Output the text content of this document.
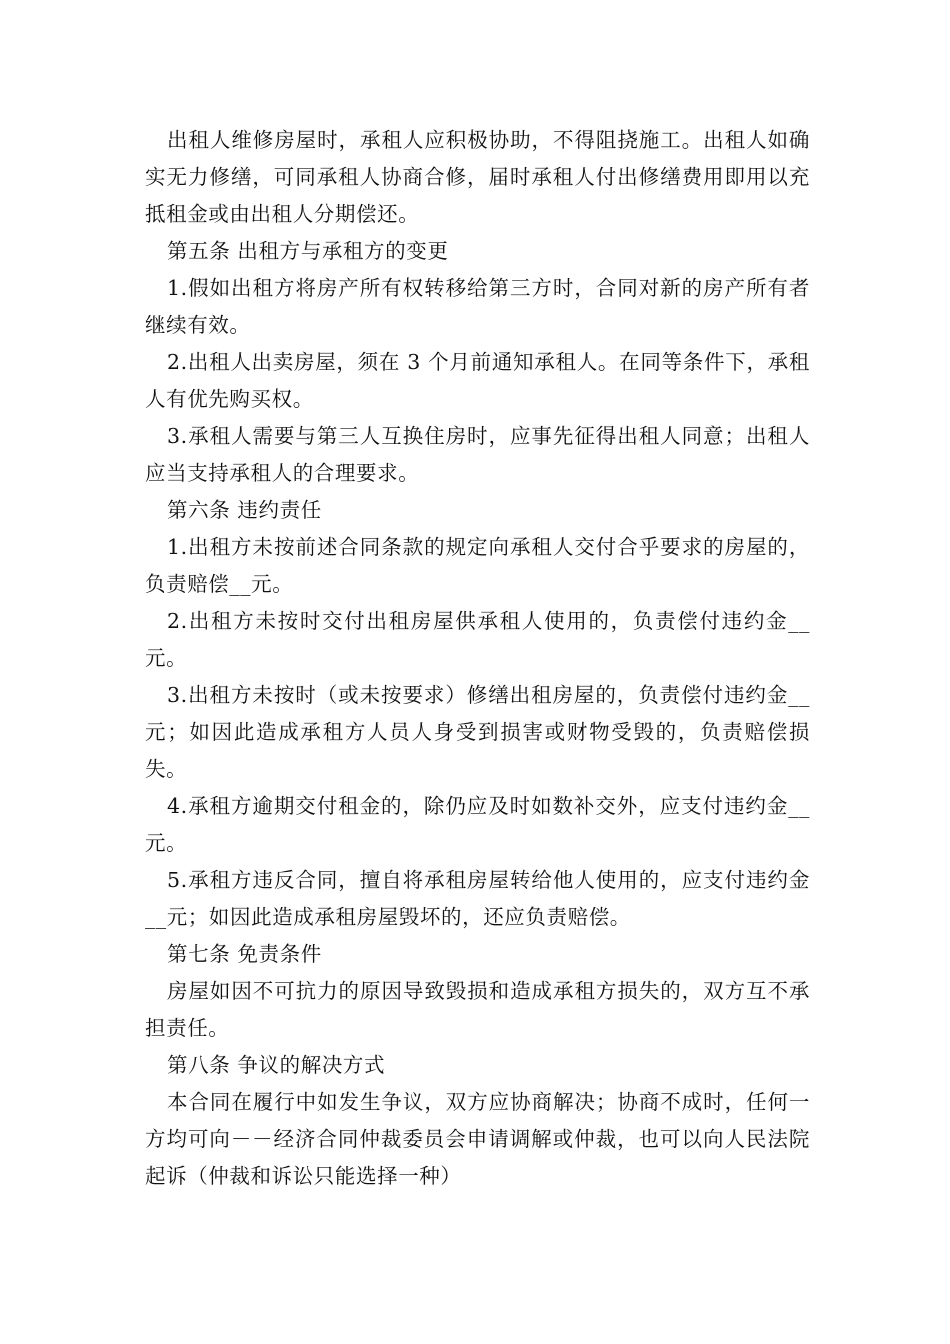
出租人维修房屋时，承租人应积极协助，不得阻挠施工。出租人如确实无力修缮，可同承租人协商合修，届时承租人付出修缮费用即用以充抵租金或由出租人分期偿还。

第五条 出租方与承租方的变更

1.假如出租方将房产所有权转移给第三方时，合同对新的房产所有者继续有效。

2.出租人出卖房屋，须在 3 个月前通知承租人。在同等条件下，承租人有优先购买权。

3.承租人需要与第三人互换住房时，应事先征得出租人同意；出租人应当支持承租人的合理要求。

第六条 违约责任

1.出租方未按前述合同条款的规定向承租人交付合乎要求的房屋的，负责赔偿__元。

2.出租方未按时交付出租房屋供承租人使用的，负责偿付违约金__元。

3.出租方未按时（或未按要求）修缮出租房屋的，负责偿付违约金__元；如因此造成承租方人员人身受到损害或财物受毁的，负责赔偿损失。

4.承租方逾期交付租金的，除仍应及时如数补交外，应支付违约金__元。

5.承租方违反合同，擅自将承租房屋转给他人使用的，应支付违约金__元；如因此造成承租房屋毁坏的，还应负责赔偿。

第七条 免责条件

房屋如因不可抗力的原因导致毁损和造成承租方损失的，双方互不承担责任。

第八条 争议的解决方式

本合同在履行中如发生争议，双方应协商解决；协商不成时，任何一方均可向－－经济合同仲裁委员会申请调解或仲裁，也可以向人民法院起诉（仲裁和诉讼只能选择一种）
